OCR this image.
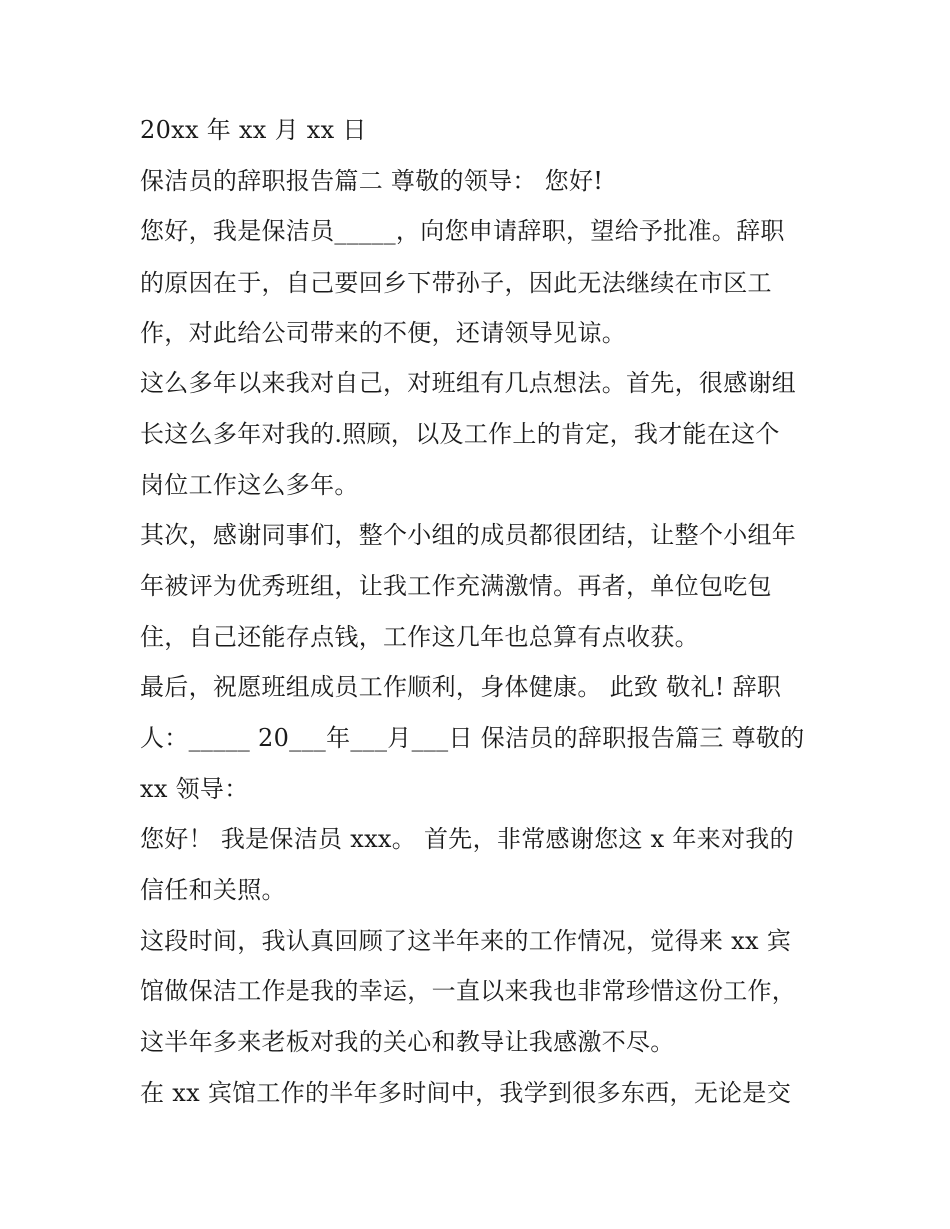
20xx 年 xx 月 xx 日
保洁员的辞职报告篇二 尊敬的领导： 您好!
您好，我是保洁员_____，向您申请辞职，望给予批准。辞职
的原因在于，自己要回乡下带孙子，因此无法继续在市区工
作，对此给公司带来的不便，还请领导见谅。
这么多年以来我对自己，对班组有几点想法。首先，很感谢组
长这么多年对我的.照顾，以及工作上的肯定，我才能在这个
岗位工作这么多年。
其次，感谢同事们，整个小组的成员都很团结，让整个小组年
年被评为优秀班组，让我工作充满激情。再者，单位包吃包
住，自己还能存点钱，工作这几年也总算有点收获。
最后，祝愿班组成员工作顺利，身体健康。 此致 敬礼! 辞职
人：_____ 20___年___月___日 保洁员的辞职报告篇三 尊敬的
xx 领导：
您好！ 我是保洁员 xxx。 首先，非常感谢您这 x 年来对我的
信任和关照。
这段时间，我认真回顾了这半年来的工作情况，觉得来 xx 宾
馆做保洁工作是我的幸运，一直以来我也非常珍惜这份工作，
这半年多来老板对我的关心和教导让我感激不尽。
在 xx 宾馆工作的半年多时间中，我学到很多东西，无论是交
